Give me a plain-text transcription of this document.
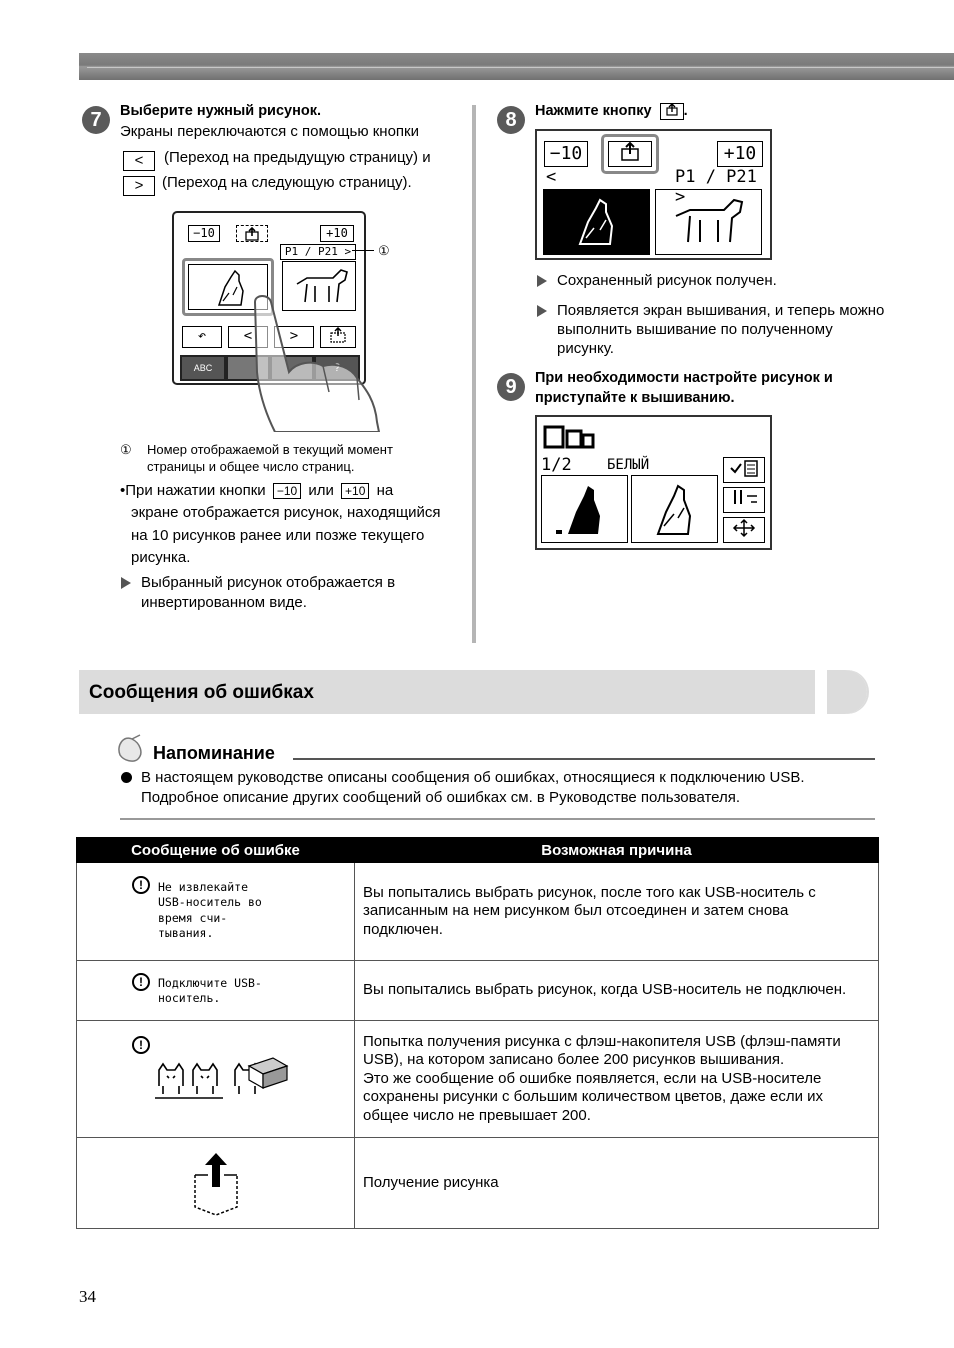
7	Выберите нужный рисунок.
Экраны переключаются с помощью кнопки
<	(Переход на предыдущую страницу) и
>	(Переход на следующую страницу).
−10	+10
P1 / P21 >
↶	<	>
ABC
①
① Номер отображаемой в текущий момент страницы и общее число страниц.
•При нажатии кнопки −10 или +10 на
экране отображается рисунок, находящийся на 10 рисунков ранее или позже текущего рисунка.
Выбранный рисунок отображается в инвертированном виде.
8	Нажмите кнопку .
−10	+10
<	P1 / P21 >
Сохраненный рисунок получен.
Появляется экран вышивания, и теперь можно выполнить вышивание по полученному рисунку.
9	При необходимости настройте рисунок и приступайте к вышиванию.
1/2	БЕЛЫЙ
Сообщения об ошибках
Напоминание
В настоящем руководстве описаны сообщения об ошибках, относящиеся к подключению USB. Подробное описание других сообщений об ошибках см. в Руководстве пользователя.
Сообщение об ошибке	Возможная причина

! Не извлекайте USB-носитель во время счи- тывания.	Вы попытались выбрать рисунок, после того как USB-носитель с записанным на нем рисунком был отсоединен и затем снова подключен.

! Подключите USB-носитель.	Вы попытались выбрать рисунок, когда USB-носитель не подключен.

!	Попытка получения рисунка с флэш-накопителя USB (флэш-памяти USB), на котором записано более 200 рисунков вышивания.
Это же сообщение об ошибке появляется, если на USB-носителе сохранены рисунки с большим количеством цветов, даже если их общее число не превышает 200.

	Получение рисунка
34
